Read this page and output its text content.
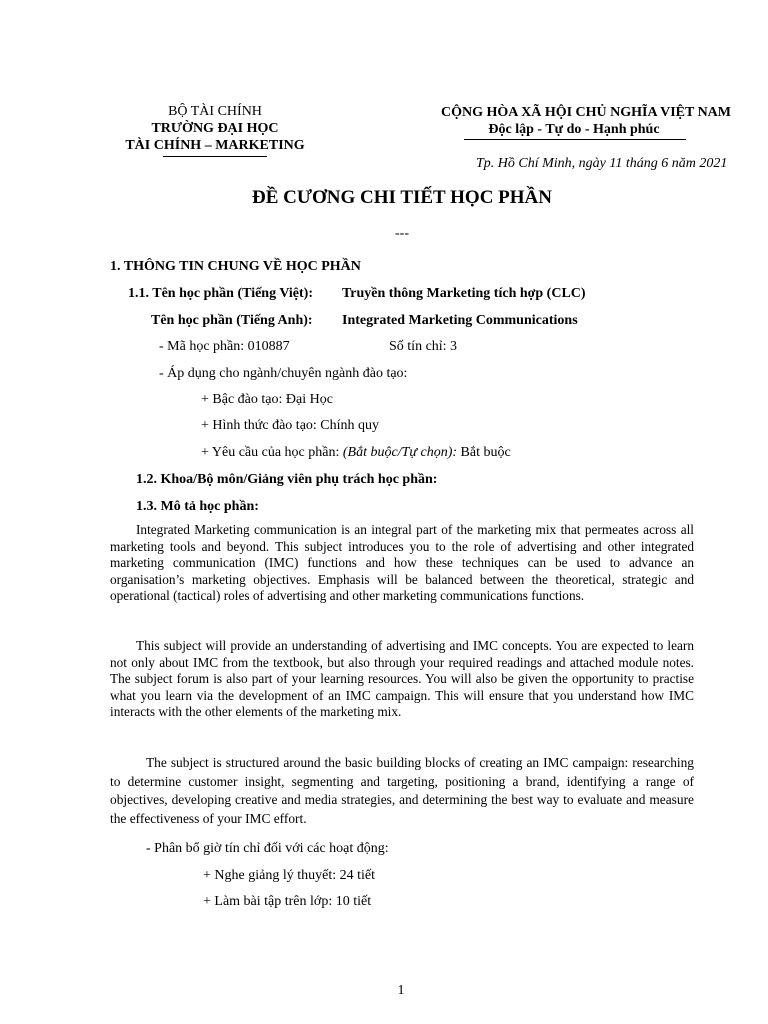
BỘ TÀI CHÍNH
TRƯỜNG ĐẠI HỌC
TÀI CHÍNH – MARKETING
CỘNG HÒA XÃ HỘI CHỦ NGHĨA VIỆT NAM
Độc lập - Tự do - Hạnh phúc
Tp. Hồ Chí Minh, ngày 11 tháng 6 năm 2021
ĐỀ CƯƠNG CHI TIẾT HỌC PHẦN
---
1. THÔNG TIN CHUNG VỀ HỌC PHẦN
1.1. Tên học phần (Tiếng Việt): Truyền thông Marketing tích hợp (CLC)
Tên học phần (Tiếng Anh): Integrated Marketing Communications
- Mã học phần: 010887	Số tín chỉ: 3
- Áp dụng cho ngành/chuyên ngành đào tạo:
+ Bậc đào tạo: Đại Học
+ Hình thức đào tạo: Chính quy
+ Yêu cầu của học phần: (Bắt buộc/Tự chọn): Bắt buộc
1.2. Khoa/Bộ môn/Giảng viên phụ trách học phần:
1.3. Mô tả học phần:

Integrated Marketing communication is an integral part of the marketing mix that permeates across all marketing tools and beyond. This subject introduces you to the role of advertising and other integrated marketing communication (IMC) functions and how these techniques can be used to advance an organisation’s marketing objectives. Emphasis will be balanced between the theoretical, strategic and operational (tactical) roles of advertising and other marketing communications functions.

This subject will provide an understanding of advertising and IMC concepts. You are expected to learn not only about IMC from the textbook, but also through your required readings and attached module notes. The subject forum is also part of your learning resources. You will also be given the opportunity to practise what you learn via the development of an IMC campaign. This will ensure that you understand how IMC interacts with the other elements of the marketing mix.

The subject is structured around the basic building blocks of creating an IMC campaign: researching to determine customer insight, segmenting and targeting, positioning a brand, identifying a range of objectives, developing creative and media strategies, and determining the best way to evaluate and measure the effectiveness of your IMC effort.

- Phân bổ giờ tín chỉ đối với các hoạt động:
+ Nghe giảng lý thuyết: 24 tiết
+ Làm bài tập trên lớp: 10 tiết
1
